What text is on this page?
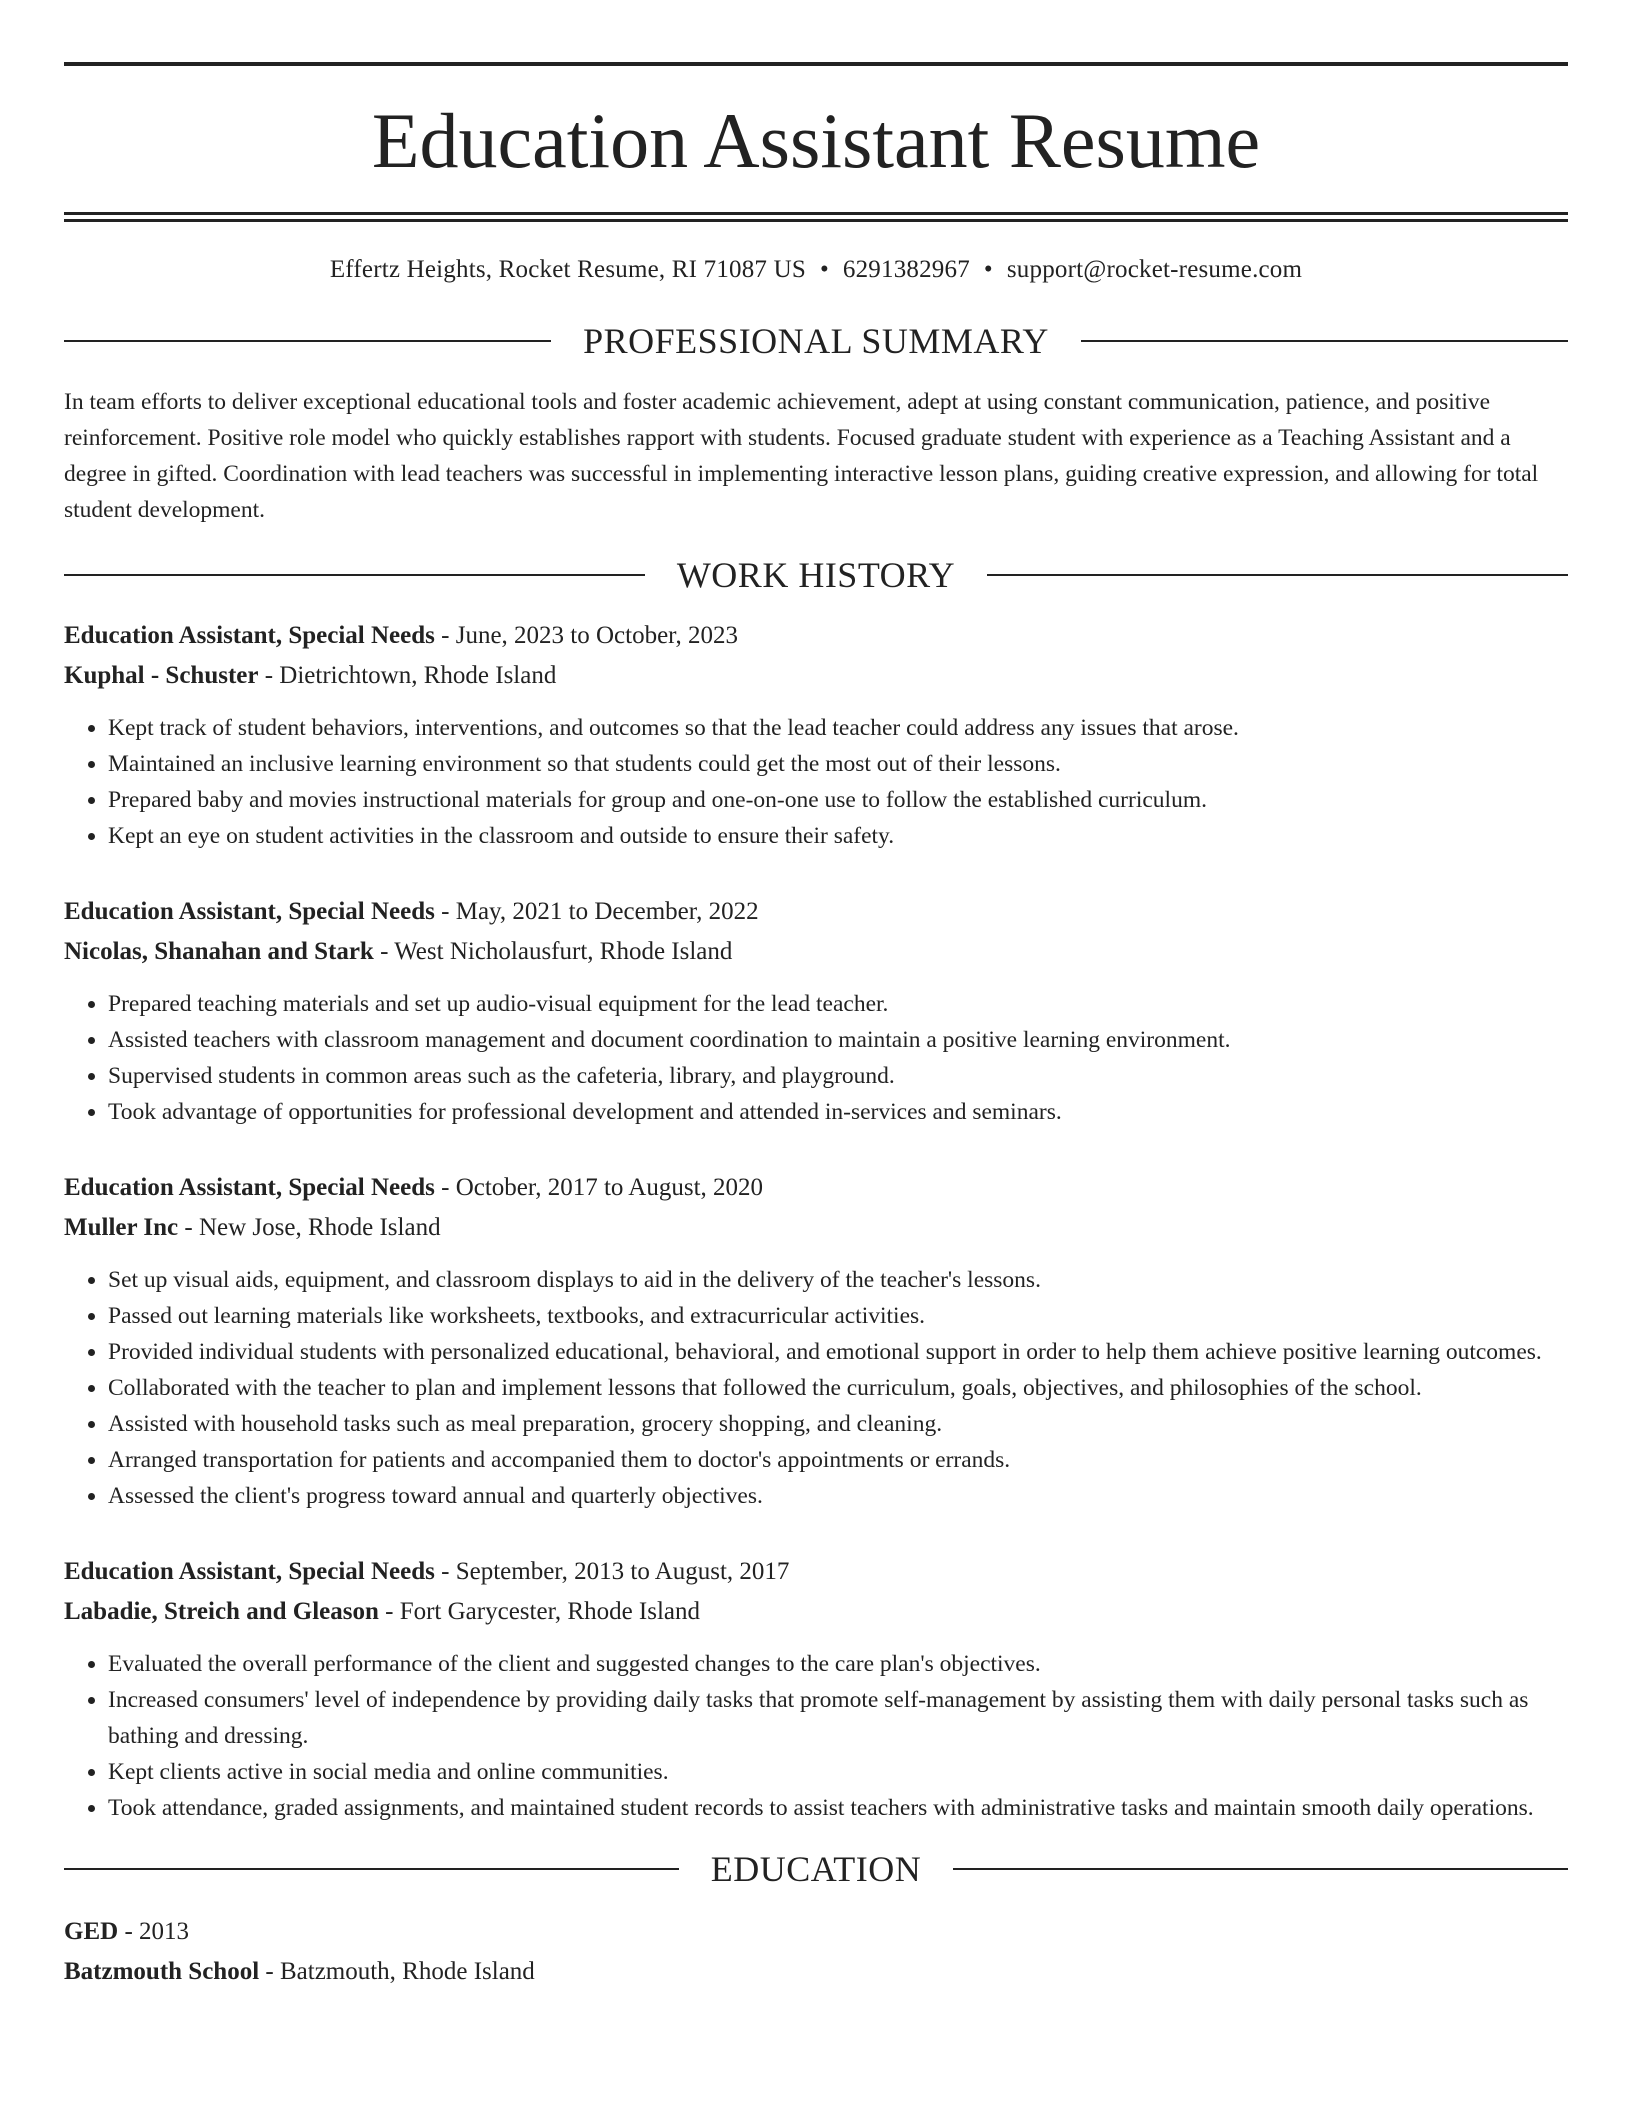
Education Assistant Resume
Effertz Heights, Rocket Resume, RI 71087 US • 6291382967 • support@rocket-resume.com
PROFESSIONAL SUMMARY

In team efforts to deliver exceptional educational tools and foster academic achievement, adept at using constant communication, patience, and positive reinforcement. Positive role model who quickly establishes rapport with students. Focused graduate student with experience as a Teaching Assistant and a degree in gifted. Coordination with lead teachers was successful in implementing interactive lesson plans, guiding creative expression, and allowing for total student development.

WORK HISTORY
Education Assistant, Special Needs - June, 2023 to October, 2023
Kuphal - Schuster - Dietrichtown, Rhode Island
• Kept track of student behaviors, interventions, and outcomes so that the lead teacher could address any issues that arose.
• Maintained an inclusive learning environment so that students could get the most out of their lessons.
• Prepared baby and movies instructional materials for group and one-on-one use to follow the established curriculum.
• Kept an eye on student activities in the classroom and outside to ensure their safety.
Education Assistant, Special Needs - May, 2021 to December, 2022
Nicolas, Shanahan and Stark - West Nicholausfurt, Rhode Island
• Prepared teaching materials and set up audio-visual equipment for the lead teacher.
• Assisted teachers with classroom management and document coordination to maintain a positive learning environment.
• Supervised students in common areas such as the cafeteria, library, and playground.
• Took advantage of opportunities for professional development and attended in-services and seminars.
Education Assistant, Special Needs - October, 2017 to August, 2020
Muller Inc - New Jose, Rhode Island
• Set up visual aids, equipment, and classroom displays to aid in the delivery of the teacher's lessons.
• Passed out learning materials like worksheets, textbooks, and extracurricular activities.
• Provided individual students with personalized educational, behavioral, and emotional support in order to help them achieve positive learning outcomes.
• Collaborated with the teacher to plan and implement lessons that followed the curriculum, goals, objectives, and philosophies of the school.
• Assisted with household tasks such as meal preparation, grocery shopping, and cleaning.
• Arranged transportation for patients and accompanied them to doctor's appointments or errands.
• Assessed the client's progress toward annual and quarterly objectives.
Education Assistant, Special Needs - September, 2013 to August, 2017
Labadie, Streich and Gleason - Fort Garycester, Rhode Island
• Evaluated the overall performance of the client and suggested changes to the care plan's objectives.
• Increased consumers' level of independence by providing daily tasks that promote self-management by assisting them with daily personal tasks such as bathing and dressing.
• Kept clients active in social media and online communities.
• Took attendance, graded assignments, and maintained student records to assist teachers with administrative tasks and maintain smooth daily operations.
EDUCATION
GED - 2013
Batzmouth School - Batzmouth, Rhode Island
